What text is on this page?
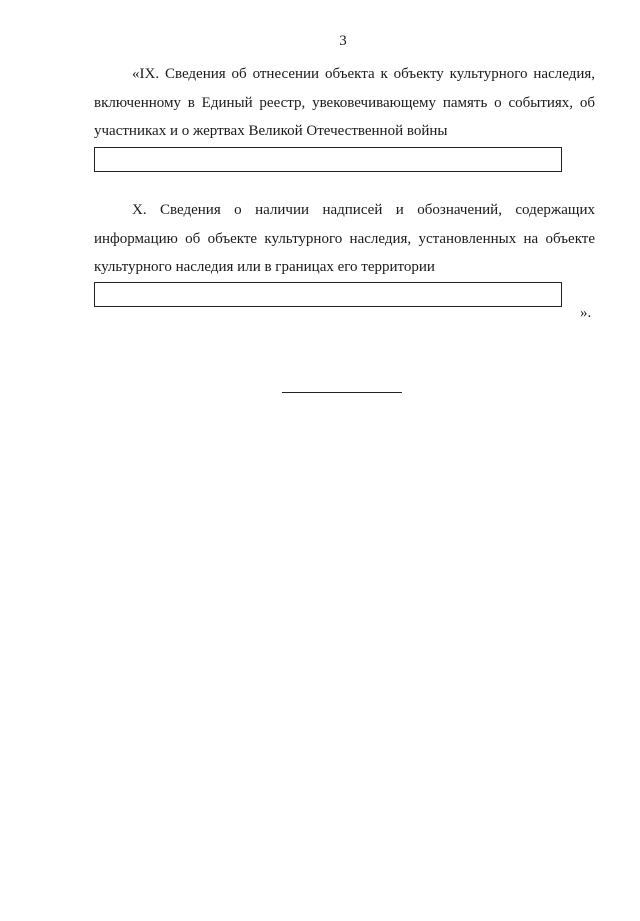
3

«IX. Сведения об отнесении объекта к объекту культурного наследия, включенному в Единый реестр, увековечивающему память о событиях, об участниках и о жертвах Великой Отечественной войны

X. Сведения о наличии надписей и обозначений, содержащих информацию об объекте культурного наследия, установленных на объекте культурного наследия или в границах его территории

».
